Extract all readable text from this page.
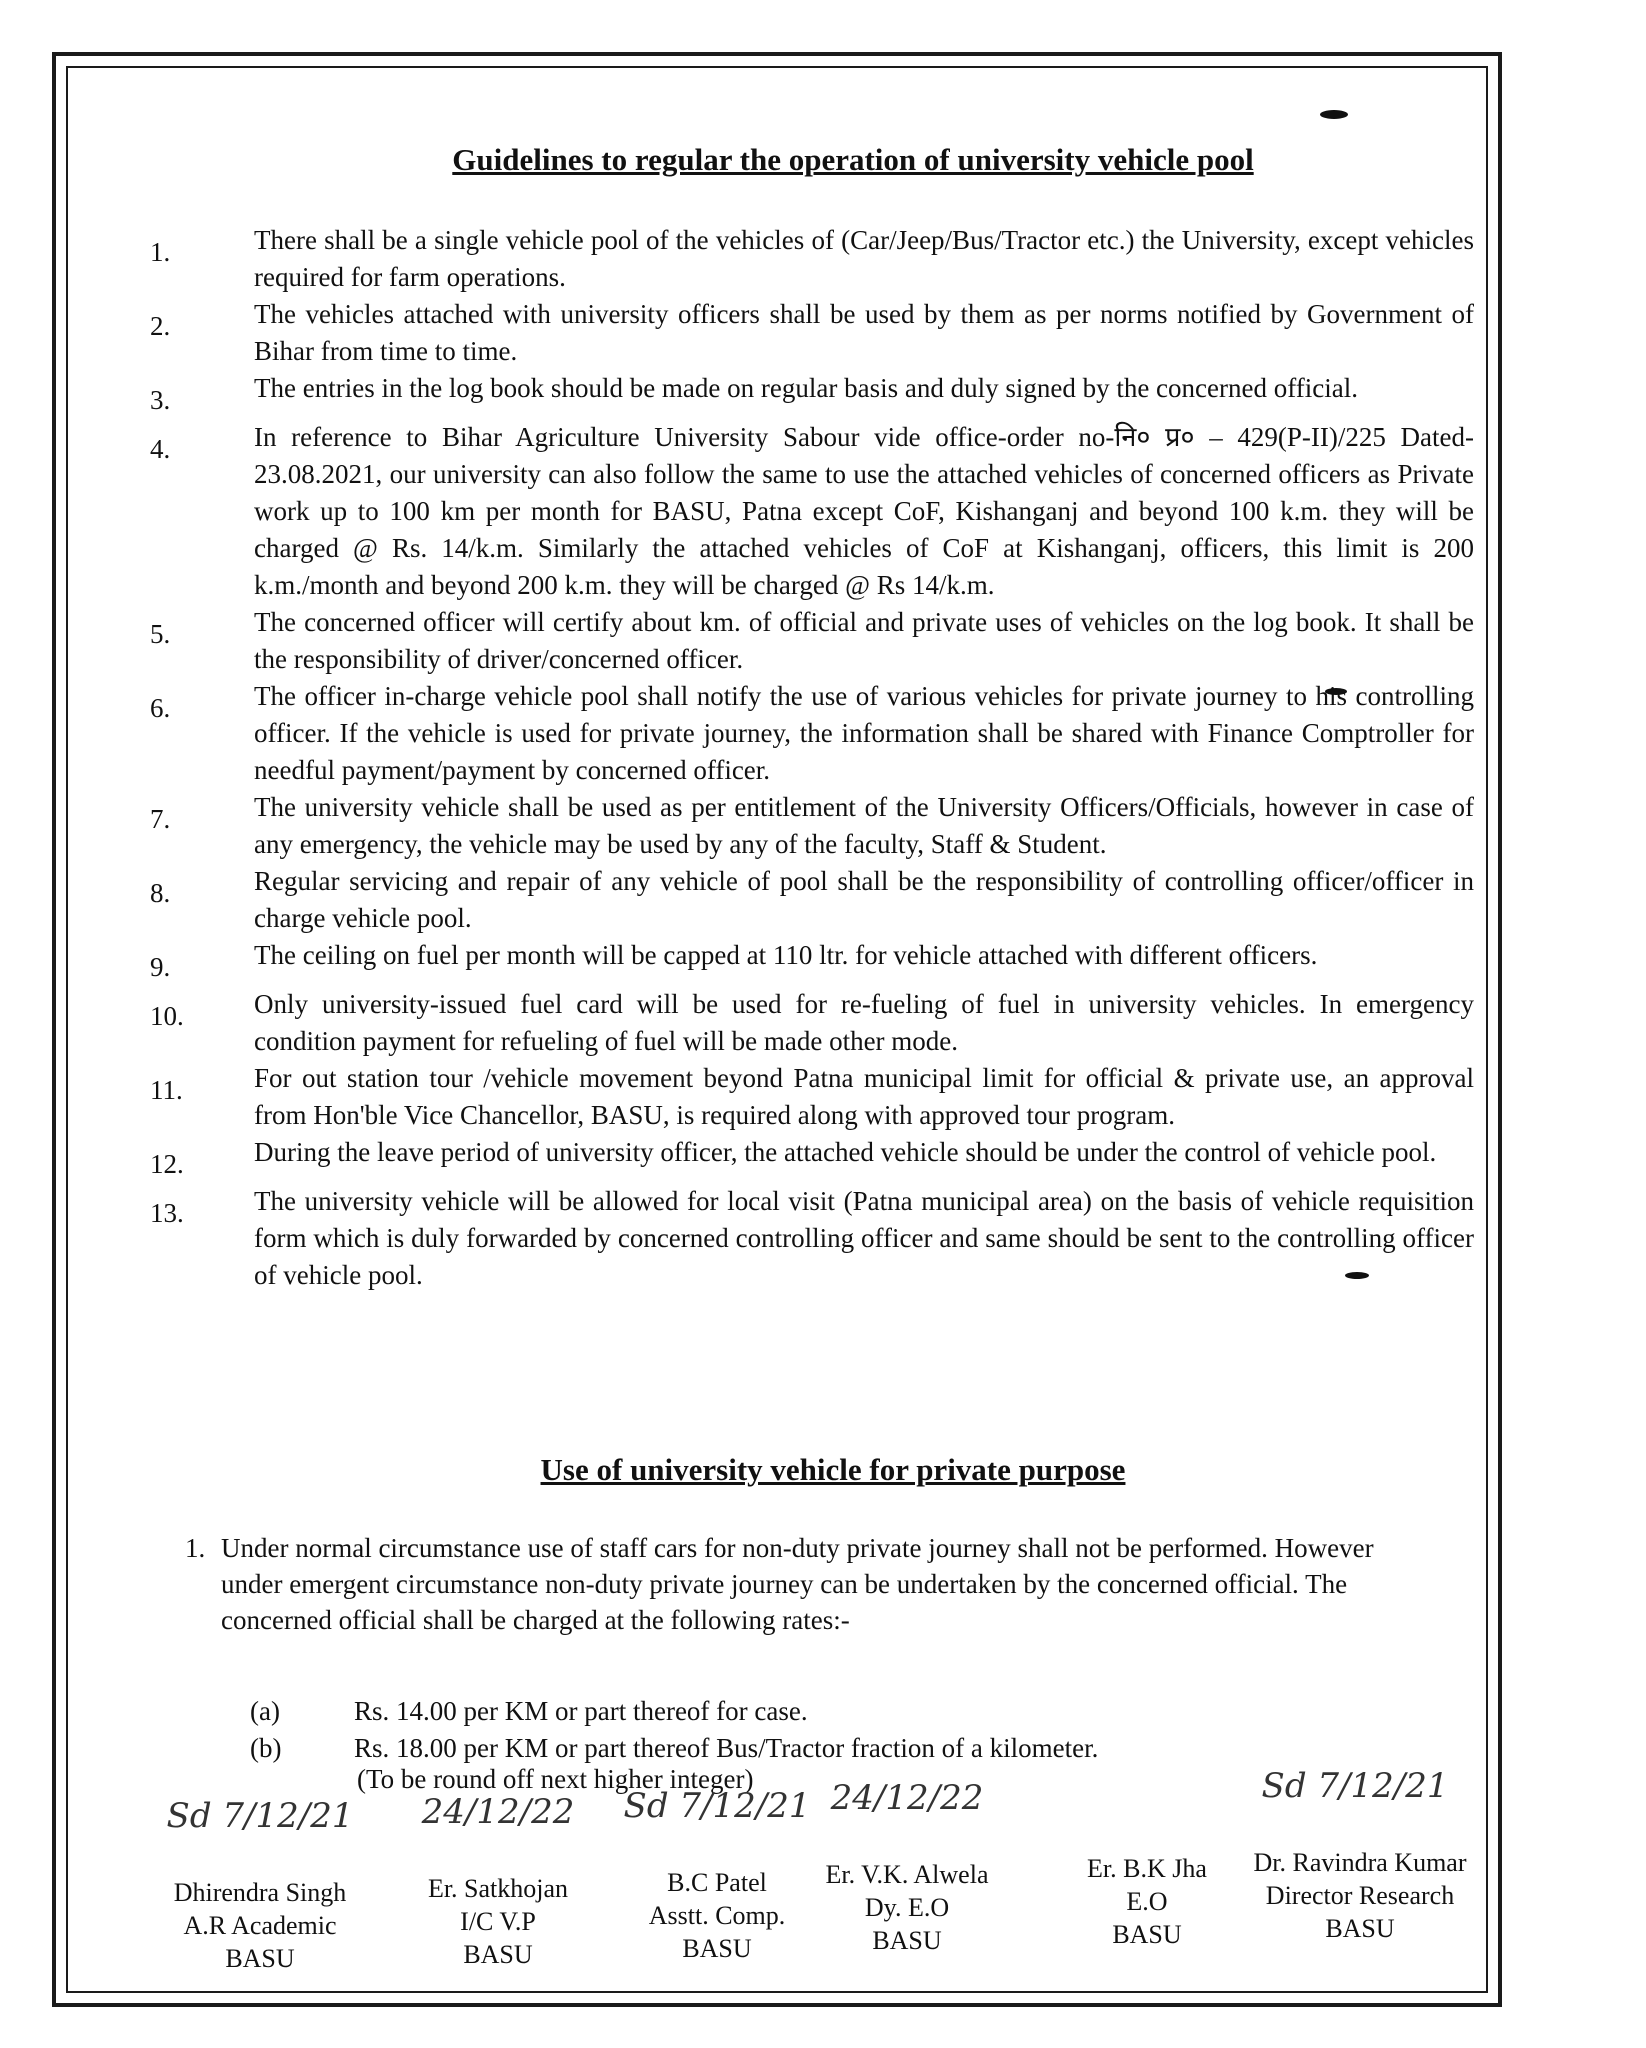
Guidelines to regular the operation of university vehicle pool
1.	There shall be a single vehicle pool of the vehicles of (Car/Jeep/Bus/Tractor etc.) the University, except vehicles required for farm operations.
2.	The vehicles attached with university officers shall be used by them as per norms notified by Government of Bihar from time to time.
3.	The entries in the log book should be made on regular basis and duly signed by the concerned official.
4.	In reference to Bihar Agriculture University Sabour vide office-order no-नि० प्र० – 429(P-II)/225 Dated- 23.08.2021, our university can also follow the same to use the attached vehicles of concerned officers as Private work up to 100 km per month for BASU, Patna except CoF, Kishanganj and beyond 100 k.m. they will be charged @ Rs. 14/k.m. Similarly the attached vehicles of CoF at Kishanganj, officers, this limit is 200 k.m./month and beyond 200 k.m. they will be charged @ Rs 14/k.m.
5.	The concerned officer will certify about km. of official and private uses of vehicles on the log book. It shall be the responsibility of driver/concerned officer.
6.	The officer in-charge vehicle pool shall notify the use of various vehicles for private journey to his controlling officer. If the vehicle is used for private journey, the information shall be shared with Finance Comptroller for needful payment/payment by concerned officer.
7.	The university vehicle shall be used as per entitlement of the University Officers/Officials, however in case of any emergency, the vehicle may be used by any of the faculty, Staff & Student.
8.	Regular servicing and repair of any vehicle of pool shall be the responsibility of controlling officer/officer in charge vehicle pool.
9.	The ceiling on fuel per month will be capped at 110 ltr. for vehicle attached with different officers.
10.	Only university-issued fuel card will be used for re-fueling of fuel in university vehicles. In emergency condition payment for refueling of fuel will be made other mode.
11.	For out station tour /vehicle movement beyond Patna municipal limit for official & private use, an approval from Hon'ble Vice Chancellor, BASU, is required along with approved tour program.
12.	During the leave period of university officer, the attached vehicle should be under the control of vehicle pool.
13.	The university vehicle will be allowed for local visit (Patna municipal area) on the basis of vehicle requisition form which is duly forwarded by concerned controlling officer and same should be sent to the controlling officer of vehicle pool.
Use of university vehicle for private purpose
1. Under normal circumstance use of staff cars for non-duty private journey shall not be performed. However under emergent circumstance non-duty private journey can be undertaken by the concerned official. The concerned official shall be charged at the following rates:-
(a)	Rs. 14.00 per KM or part thereof for case.
(b)	Rs. 18.00 per KM or part thereof Bus/Tractor fraction of a kilometer.
(To be round off next higher integer)
Sd 7/12/21
Dhirendra Singh
A.R Academic
BASU
24/12/22
Er. Satkhojan
I/C V.P
BASU
Sd 7/12/21
B.C Patel
Asstt. Comp.
BASU
24/12/22
Er. V.K. Alwela
Dy. E.O
BASU
Er. B.K Jha
E.O
BASU
Sd 7/12/21
Dr. Ravindra Kumar
Director Research
BASU
